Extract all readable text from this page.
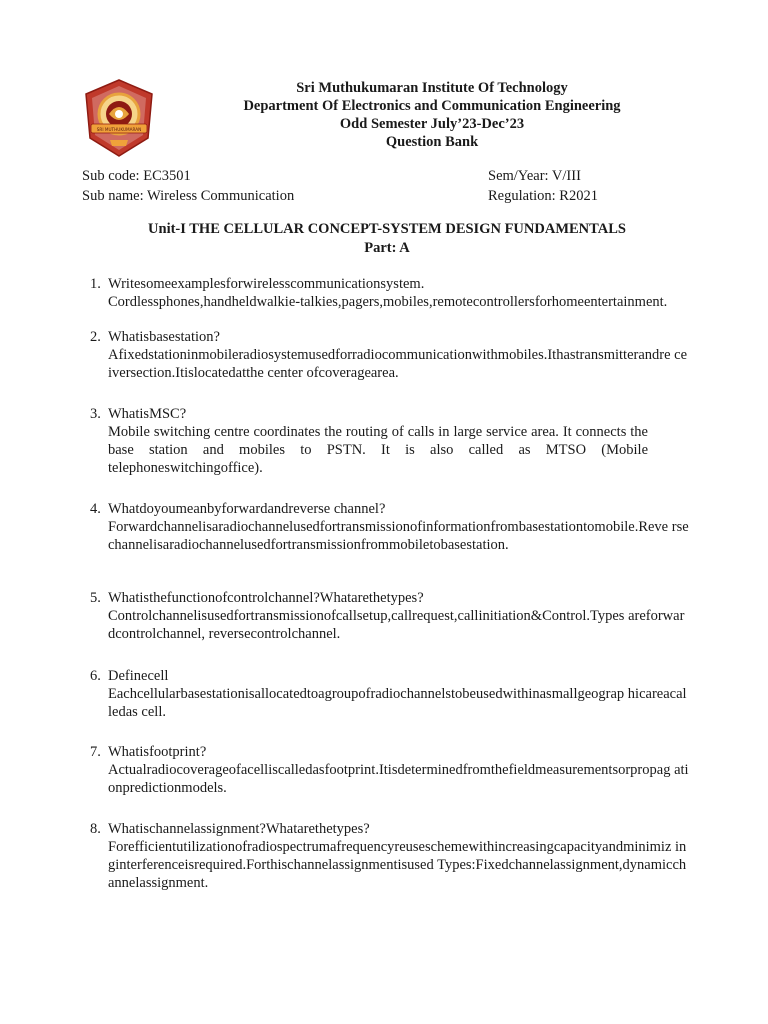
SRI MUTHUKUMARAN
Sri Muthukumaran Institute Of Technology
Department Of Electronics and Communication Engineering
Odd Semester July’23-Dec’23
Question Bank
Sub code: EC3501
Sub name: Wireless Communication
Sem/Year: V/III
Regulation: R2021
Unit-I THE CELLULAR CONCEPT-SYSTEM DESIGN FUNDAMENTALS
Part: A
1. Writesomeexamplesforwirelesscommunicationsystem.
Cordlessphones,handheldwalkie-talkies,pagers,mobiles,remotecontrollersforhomeentertainment.
2. Whatisbasestation?
Afixedstationinmobileradiosystemusedforradiocommunicationwithmobiles.Ithastransmitterandre ceiversection.Itislocatedatthe center ofcoveragearea.
3. WhatisMSC?
Mobile switching centre coordinates the routing of calls in large service area. It connects the base station and mobiles to PSTN. It is also called as MTSO (Mobile telephoneswitchingoffice).
4. Whatdoyoumeanbyforwardandreverse channel?
Forwardchannelisaradiochannelusedfortransmissionofinformationfrombasestationtomobile.Reve rsechannelisaradiochannelusedfortransmissionfrommobiletobasestation.
5. Whatisthefunctionofcontrolchannel?Whatarethetypes?
Controlchannelisusedfortransmissionofcallsetup,callrequest,callinitiation&Control.Types areforwardcontrolchannel, reversecontrolchannel.
6. Definecell
Eachcellularbasestationisallocatedtoagroupofradiochannelstobeusedwithinasmallgeograp hicareacalledas cell.
7. Whatisfootprint?
Actualradiocoverageofacelliscalledasfootprint.Itisdeterminedfromthefieldmeasurementsorpropag ationpredictionmodels.
8. Whatischannelassignment?Whatarethetypes?
Forefficientutilizationofradiospectrumafrequencyreuseschemewithincreasingcapacityandminimiz inginterferenceisrequired.Forthischannelassignmentisused Types:Fixedchannelassignment,dynamicchannelassignment.
